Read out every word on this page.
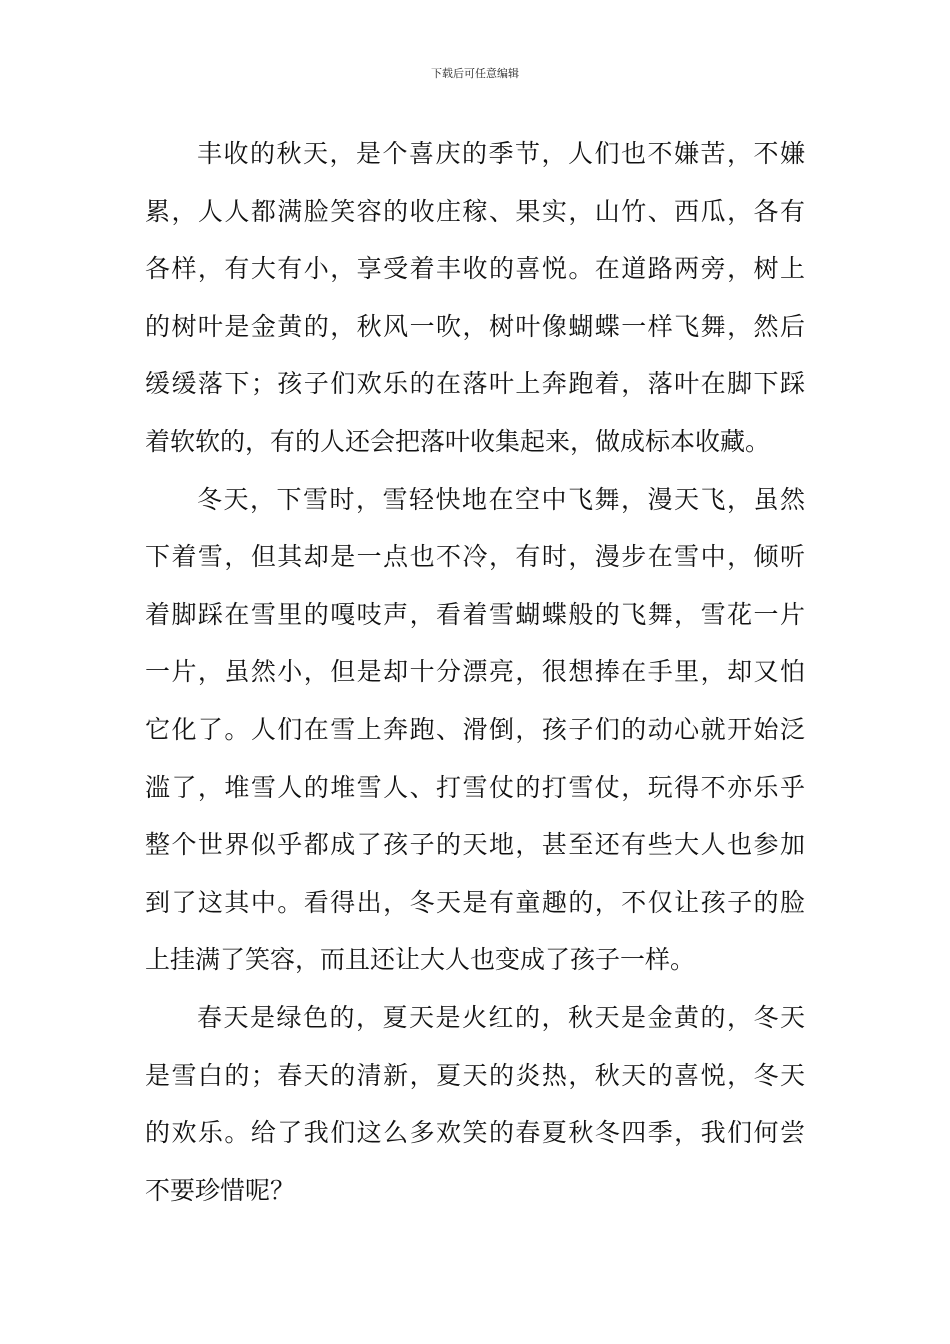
下载后可任意编辑
丰收的秋天，是个喜庆的季节，人们也不嫌苦，不嫌
累，人人都满脸笑容的收庄稼、果实，山竹、西瓜，各有
各样，有大有小，享受着丰收的喜悦。在道路两旁，树上
的树叶是金黄的，秋风一吹，树叶像蝴蝶一样飞舞，然后
缓缓落下；孩子们欢乐的在落叶上奔跑着，落叶在脚下踩
着软软的，有的人还会把落叶收集起来，做成标本收藏。
冬天，下雪时，雪轻快地在空中飞舞，漫天飞，虽然
下着雪，但其却是一点也不冷，有时，漫步在雪中，倾听
着脚踩在雪里的嘎吱声，看着雪蝴蝶般的飞舞，雪花一片
一片，虽然小，但是却十分漂亮，很想捧在手里，却又怕
它化了。人们在雪上奔跑、滑倒，孩子们的动心就开始泛
滥了，堆雪人的堆雪人、打雪仗的打雪仗，玩得不亦乐乎
整个世界似乎都成了孩子的天地，甚至还有些大人也参加
到了这其中。看得出，冬天是有童趣的，不仅让孩子的脸
上挂满了笑容，而且还让大人也变成了孩子一样。
春天是绿色的，夏天是火红的，秋天是金黄的，冬天
是雪白的；春天的清新，夏天的炎热，秋天的喜悦，冬天
的欢乐。给了我们这么多欢笑的春夏秋冬四季，我们何尝
不要珍惜呢？
